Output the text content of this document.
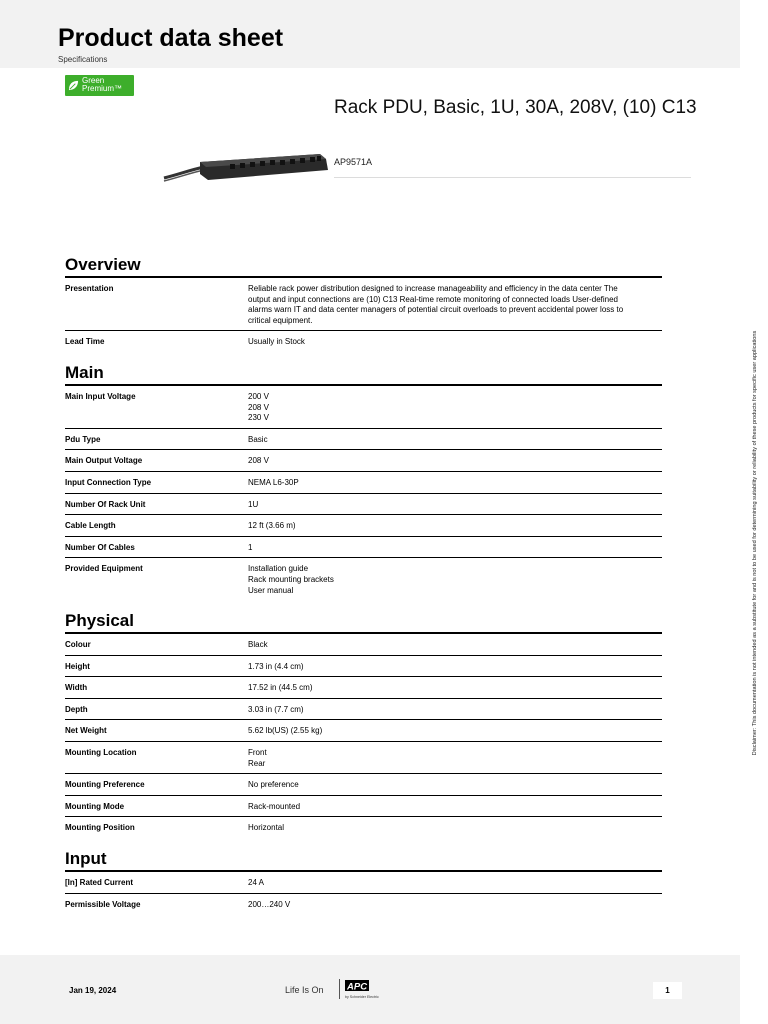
Product data sheet
Specifications
Green
Premium™
Rack PDU, Basic, 1U, 30A, 208V, (10) C13
AP9571A
Overview
Presentation	Reliable rack power distribution designed to increase manageability and efficiency in the data center The output and input connections are (10) C13 Real-time remote monitoring of connected loads User-defined alarms warn IT and data center managers of potential circuit overloads to prevent accidental power loss to critical equipment.
Lead Time	Usually in Stock
Main
Main Input Voltage	200 V
208 V
230 V
Pdu Type	Basic
Main Output Voltage	208 V
Input Connection Type	NEMA L6-30P
Number Of Rack Unit	1U
Cable Length	12 ft (3.66 m)
Number Of Cables	1
Provided Equipment	Installation guide
Rack mounting brackets
User manual
Physical
Colour	Black
Height	1.73 in (4.4 cm)
Width	17.52 in (44.5 cm)
Depth	3.03 in (7.7 cm)
Net Weight	5.62 lb(US) (2.55 kg)
Mounting Location	Front
Rear
Mounting Preference	No preference
Mounting Mode	Rack-mounted
Mounting Position	Horizontal
Input
[In] Rated Current	24 A
Permissible Voltage	200…240 V
Disclaimer: This documentation is not intended as a substitute for and is not to be used for determining suitability or reliability of these products for specific user applications
Jan 19, 2024	Life Is On APC
by Schneider Electric
1
